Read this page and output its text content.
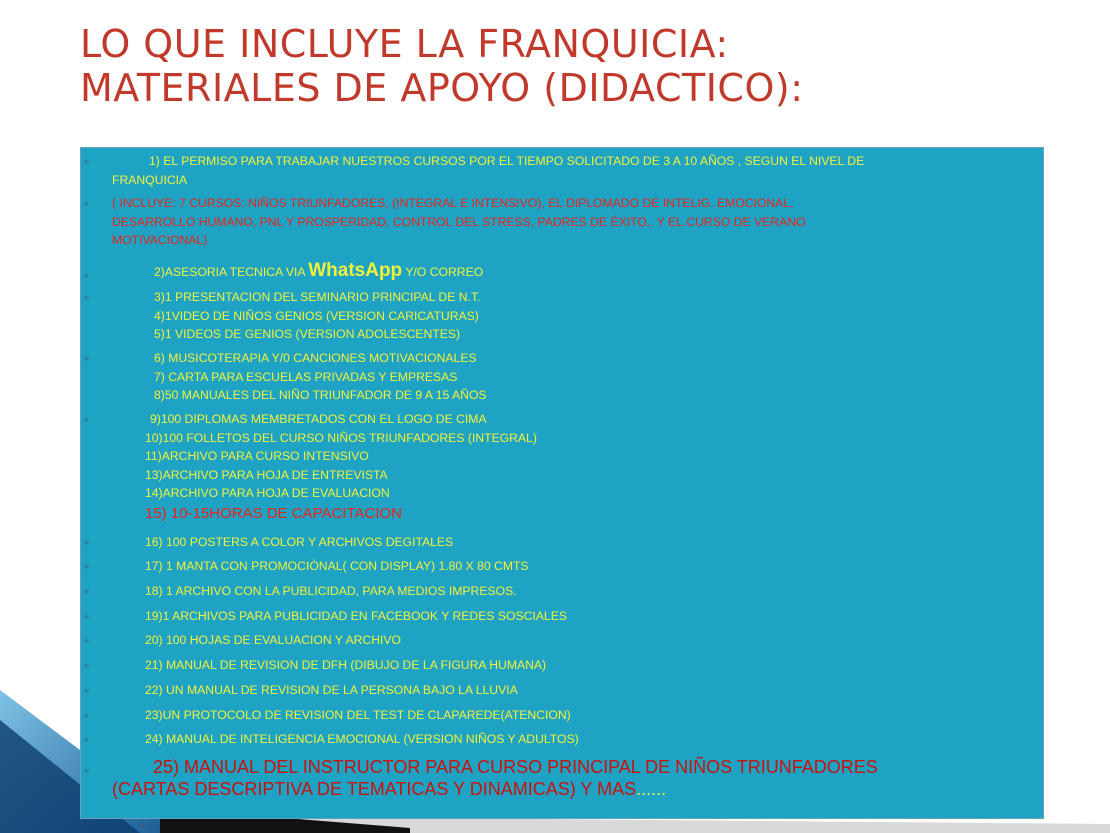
LO QUE INCLUYE LA FRANQUICIA:
MATERIALES DE APOYO (DIDACTICO):
▸	1) EL PERMISO PARA TRABAJAR NUESTROS CURSOS POR EL TIEMPO SOLICITADO DE 3 A 10 AÑOS , SEGUN EL NIVEL DE
FRANQUICIA
▸	( INCLUYE: 7 CURSOS: NIÑOS TRIUNFADORES, (INTEGRAL E INTENSIVO), EL DIPLOMADO DE INTELIG. EMOCIONAL,
DESARROLLO HUMANO, PNL Y PROSPERIDAD, CONTROL DEL STRESS, PADRES DE ÉXITO,. Y EL.CURSO DE VERANO
MOTIVACIONAL)
▸	2)ASESORIA TECNICA VIA WhatsApp Y/O CORREO
▸	3)1 PRESENTACION DEL SEMINARIO PRINCIPAL DE N.T.
4)1VIDEO DE NIÑOS GENIOS (VERSION CARICATURAS)
5)1 VIDEOS DE GENIOS (VERSION ADOLESCENTES)
▸	6) MUSICOTERAPIA Y/0 CANCIONES MOTIVACIONALES
7) CARTA PARA ESCUELAS PRIVADAS Y EMPRESAS
8)50 MANUALES DEL NIÑO TRIUNFADOR DE 9 A 15 AÑOS
▸	9)100 DIPLOMAS MEMBRETADOS CON EL LOGO DE CIMA
10)100 FOLLETOS DEL CURSO NIÑOS TRIUNFADORES (INTEGRAL)
11)ARCHIVO PARA CURSO INTENSIVO
13)ARCHIVO PARA HOJA DE ENTREVISTA
14)ARCHIVO PARA HOJA DE EVALUACION
15) 10-15HORAS DE CAPACITACION
▸	16) 100 POSTERS A COLOR Y ARCHIVOS DEGITALES
▸	17) 1 MANTA CON PROMOCIÒNAL( CON DISPLAY) 1.80 X 80 CMTS
▸	18) 1 ARCHIVO CON LA PUBLICIDAD, PARA MEDIOS IMPRESOS.
▸	19)1 ARCHIVOS PARA PUBLICIDAD EN FACEBOOK Y REDES SOSCIALES
▸	20) 100 HOJAS DE EVALUACION Y ARCHIVO
▸	21) MANUAL DE REVISION DE DFH (DIBUJO DE LA FIGURA HUMANA)
▸	22) UN MANUAL DE REVISION DE LA PERSONA BAJO LA LLUVIA
▸	23)UN PROTOCOLO DE REVISION DEL TEST DE CLAPAREDE(ATENCION)
▸	24) MANUAL DE INTELIGENCIA EMOCIONAL (VERSION NIÑOS Y ADULTOS)
▸	25) MANUAL DEL INSTRUCTOR PARA CURSO PRINCIPAL DE NIÑOS TRIUNFADORES
(CARTAS DESCRIPTIVA DE TEMATICAS Y DINAMICAS) Y MAS......
•
